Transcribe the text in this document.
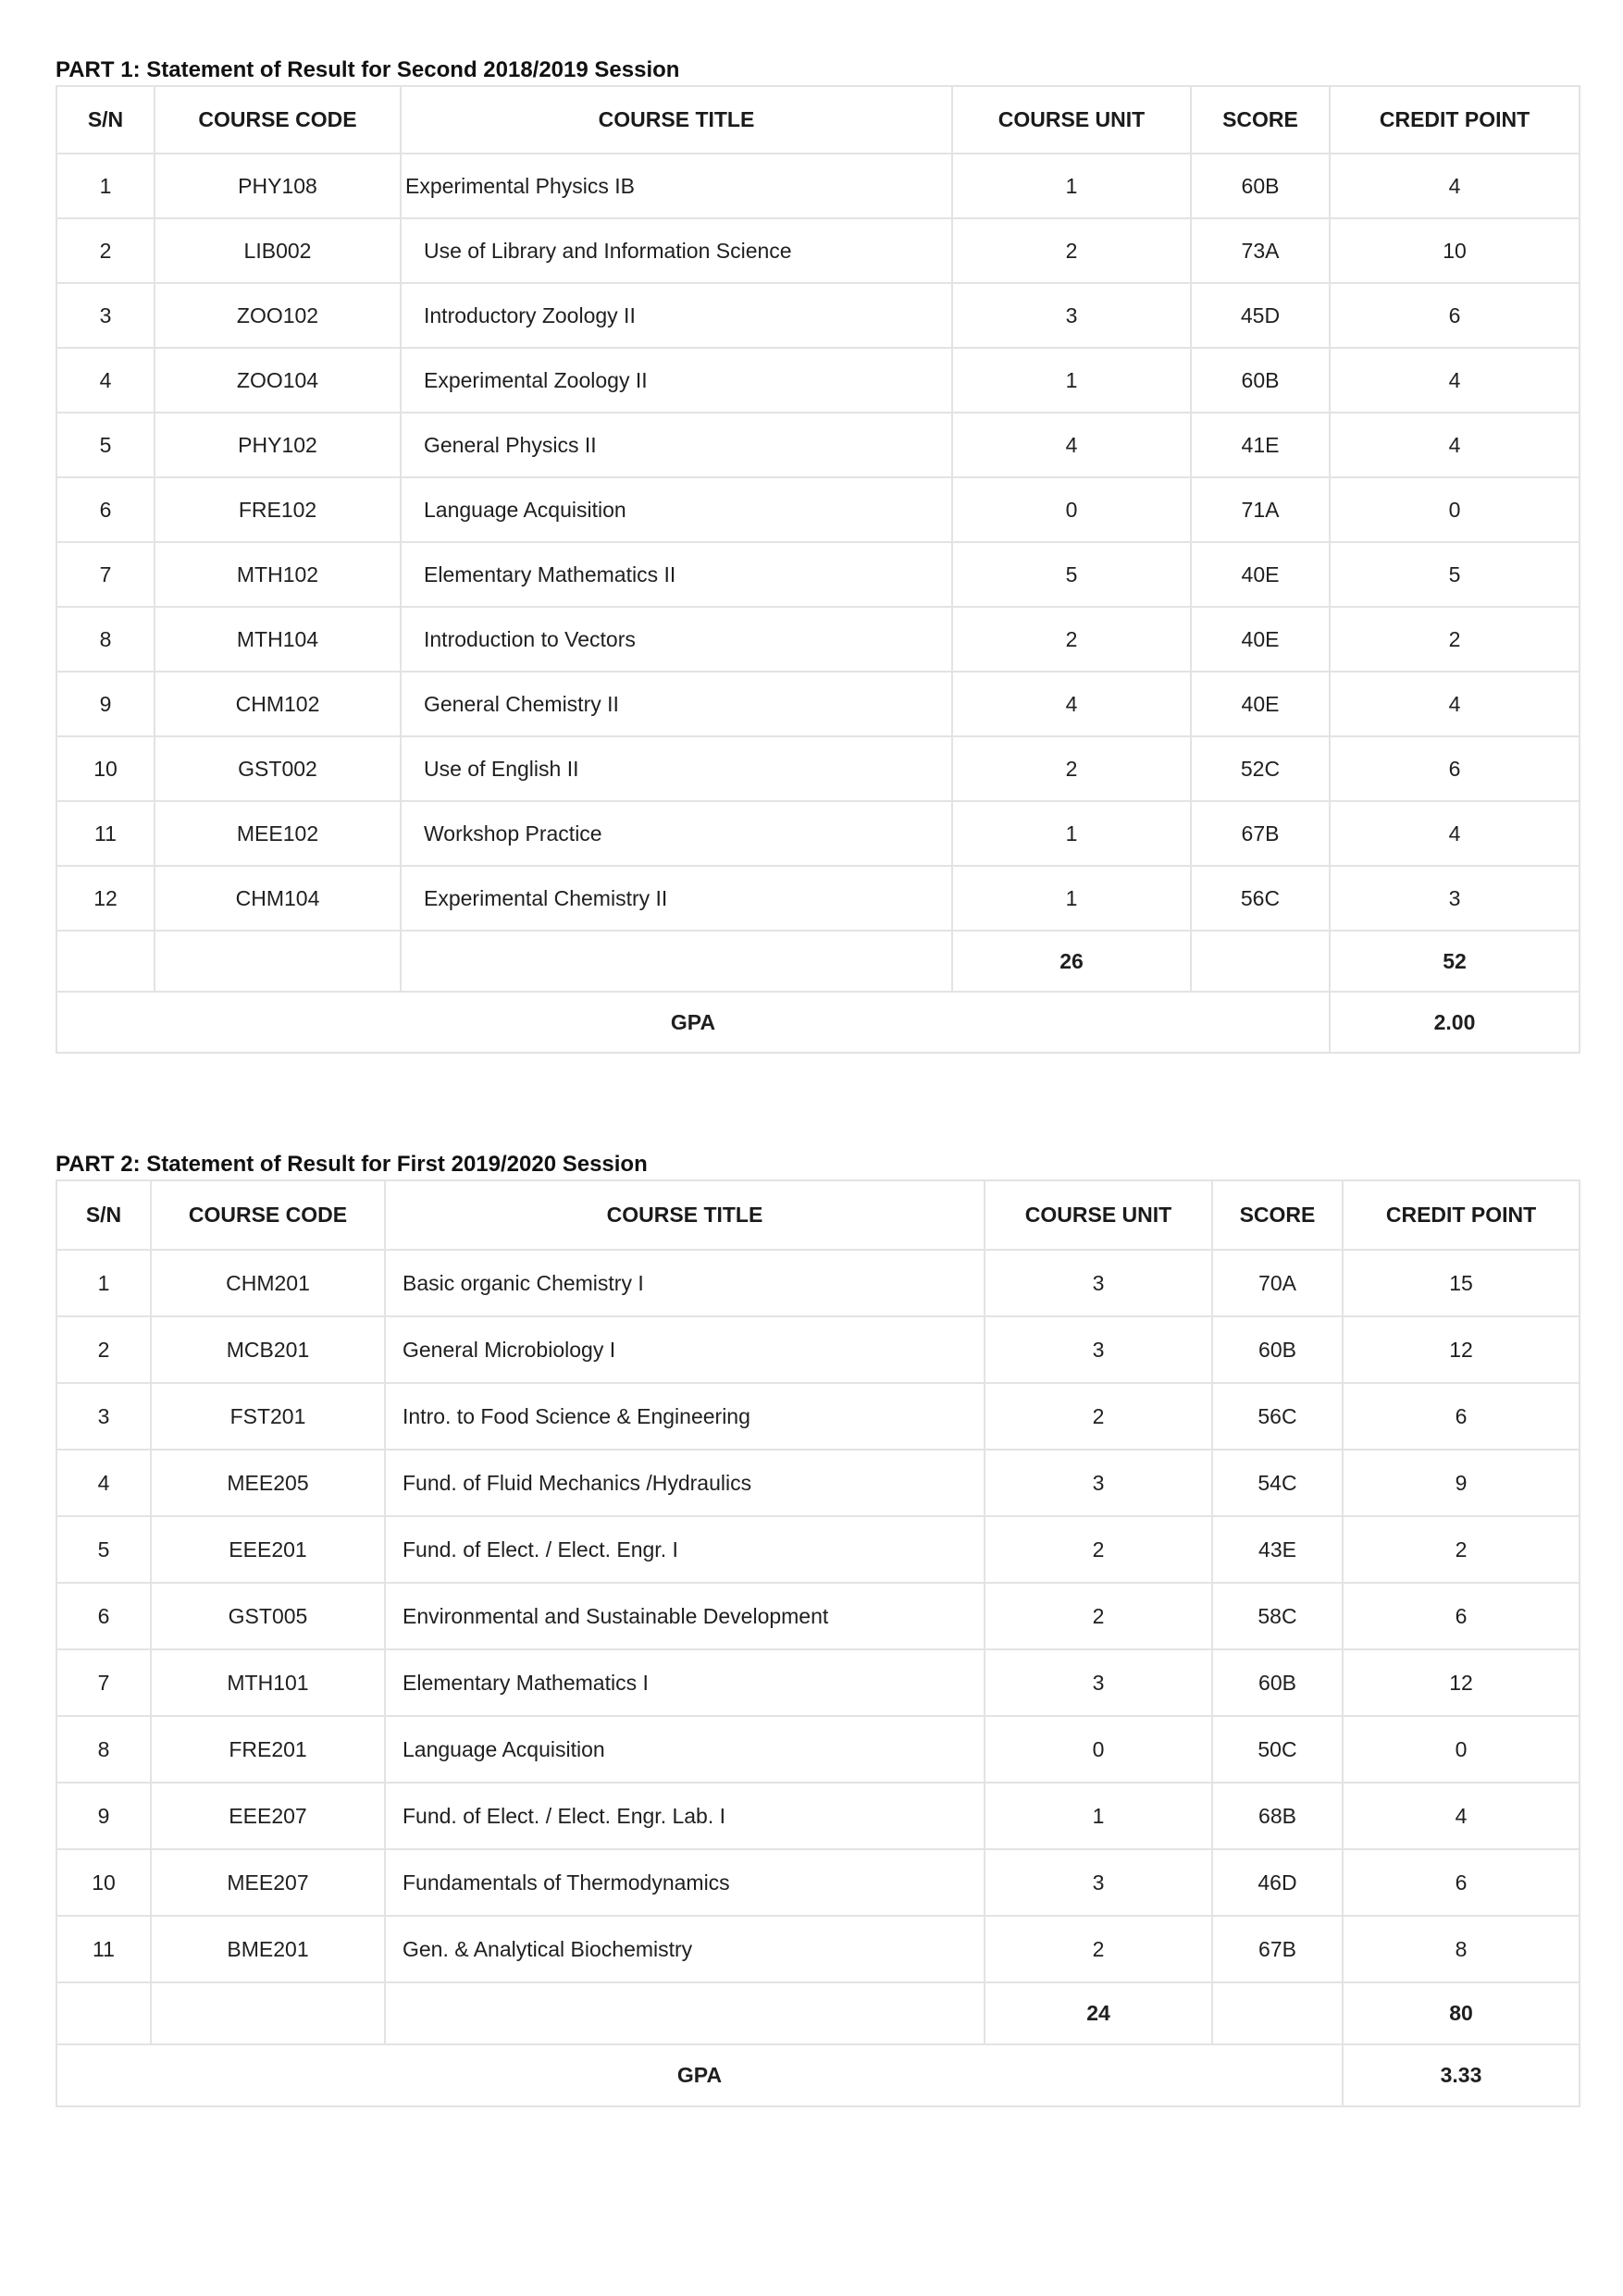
PART 1: Statement of Result for Second 2018/2019 Session
S/N	COURSE CODE	COURSE TITLE	COURSE UNIT	SCORE	CREDIT POINT
1	PHY108	Experimental Physics IB	1	60B	4
2	LIB002	Use of Library and Information Science	2	73A	10
3	ZOO102	Introductory Zoology II	3	45D	6
4	ZOO104	Experimental Zoology II	1	60B	4
5	PHY102	General Physics II	4	41E	4
6	FRE102	Language Acquisition	0	71A	0
7	MTH102	Elementary Mathematics II	5	40E	5
8	MTH104	Introduction to Vectors	2	40E	2
9	CHM102	General Chemistry II	4	40E	4
10	GST002	Use of English II	2	52C	6
11	MEE102	Workshop Practice	1	67B	4
12	CHM104	Experimental Chemistry II	1	56C	3
			26		52
GPA					2.00
PART 2: Statement of Result for First 2019/2020 Session
S/N	COURSE CODE	COURSE TITLE	COURSE UNIT	SCORE	CREDIT POINT
1	CHM201	Basic organic Chemistry I	3	70A	15
2	MCB201	General Microbiology I	3	60B	12
3	FST201	Intro. to Food Science & Engineering	2	56C	6
4	MEE205	Fund. of Fluid Mechanics /Hydraulics	3	54C	9
5	EEE201	Fund. of Elect. / Elect. Engr. I	2	43E	2
6	GST005	Environmental and Sustainable Development	2	58C	6
7	MTH101	Elementary Mathematics I	3	60B	12
8	FRE201	Language Acquisition	0	50C	0
9	EEE207	Fund. of Elect. / Elect. Engr. Lab. I	1	68B	4
10	MEE207	Fundamentals of Thermodynamics	3	46D	6
11	BME201	Gen. & Analytical Biochemistry	2	67B	8
			24		80
GPA					3.33
